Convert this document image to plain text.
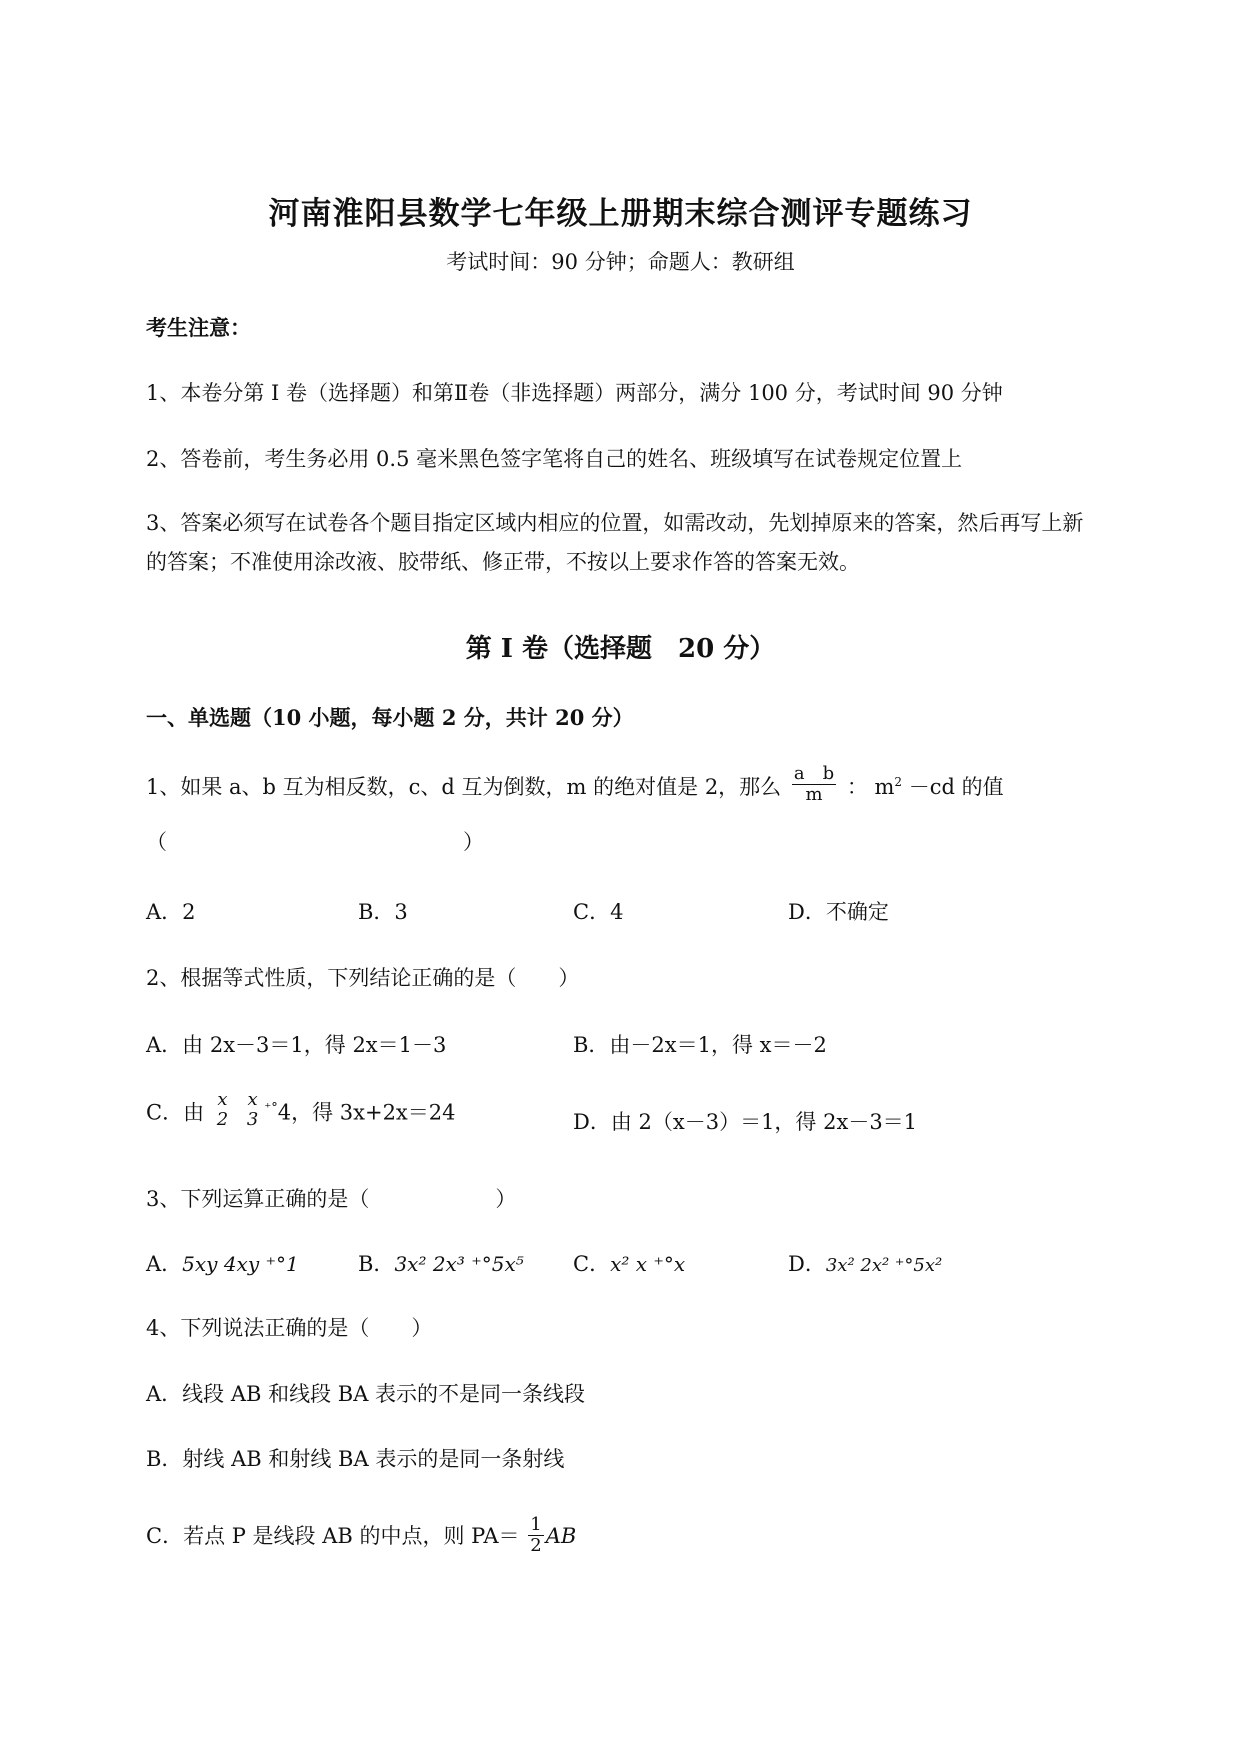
河南淮阳县数学七年级上册期末综合测评专题练习
考试时间：90 分钟；命题人：教研组
考生注意：
1、本卷分第 I 卷（选择题）和第Ⅱ卷（非选择题）两部分，满分 100 分，考试时间 90 分钟
2、答卷前，考生务必用 0.5 毫米黑色签字笔将自己的姓名、班级填写在试卷规定位置上
3、答案必须写在试卷各个题目指定区域内相应的位置，如需改动，先划掉原来的答案，然后再写上新
的答案；不准使用涂改液、胶带纸、修正带，不按以上要求作答的答案无效。
第 I 卷（选择题　20 分）
一、单选题（10 小题，每小题 2 分，共计 20 分）
1、如果 a、b 互为相反数，c、d 互为倒数，m 的绝对值是 2，那么 $\frac{\text{a　b}}{m}$ ： $m^2 -cd$ 的值
（	）
A．2	B．3	C．4	D．不确定
2、根据等式性质，下列结论正确的是（　　）
A．由 2x－3＝1，得 2x＝1－3	B．由－2x＝1，得 x＝－2
C．由
x
2

x
3
⁺°4，得 3x+2x＝24	D．由 2（x－3）＝1，得 2x－3＝1
3、下列运算正确的是（　　　　　　）
A．5xy 4xy ⁺°1	B．3x² 2x³ ⁺°5x⁵ C．x² x ⁺°x	D．3x² 2x² ⁺°5x²
4、下列说法正确的是（　　）
A．线段 AB 和线段 BA 表示的不是同一条线段
B．射线 AB 和射线 BA 表示的是同一条射线
C．若点 P 是线段 AB 的中点，则 $PA= \frac{1}{2}$ AB
